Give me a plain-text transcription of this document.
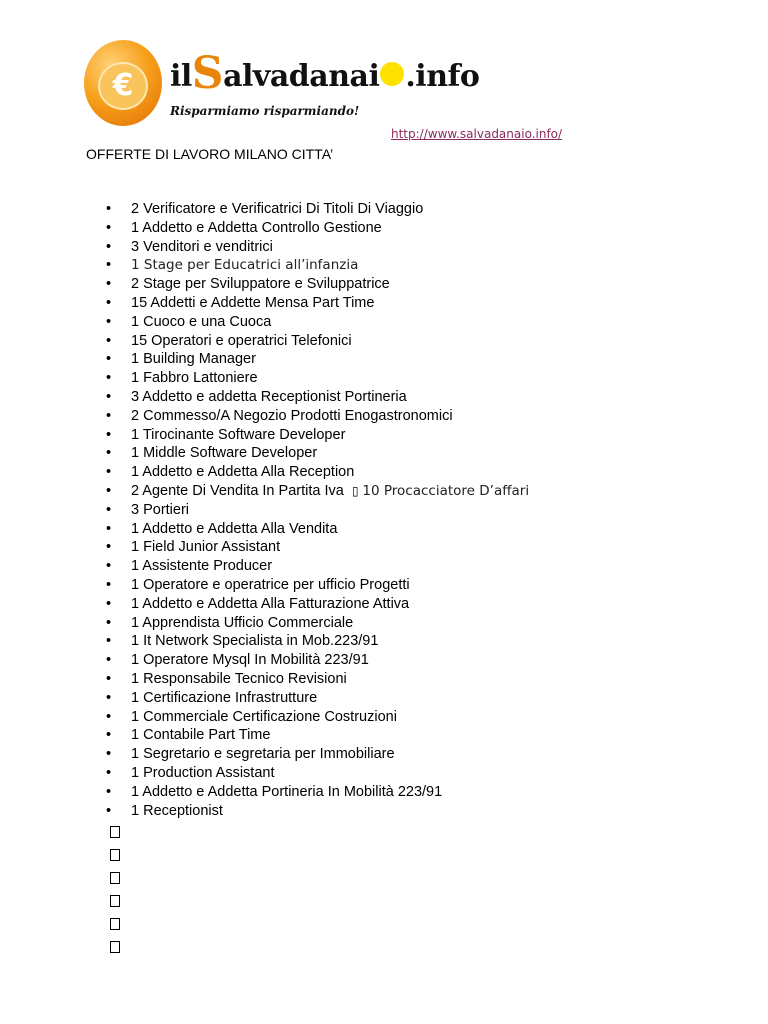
€	ilSalvadanai .info
Risparmiamo risparmiando!
http://www.salvadanaio.info/
OFFERTE DI LAVORO MILANO CITTA’
• 2 Verificatore e Verificatrici Di Titoli Di Viaggio
• 1 Addetto e Addetta Controllo Gestione
• 3 Venditori e venditrici
• 1 Stage per Educatrici all’infanzia
• 2 Stage per Sviluppatore e Sviluppatrice
• 15 Addetti e Addette Mensa Part Time
• 1 Cuoco e una Cuoca
• 15 Operatori e operatrici Telefonici
• 1 Building Manager
• 1 Fabbro Lattoniere
• 3 Addetto e addetta Receptionist Portineria
• 2 Commesso/A Negozio Prodotti Enogastronomici
• 1 Tirocinante Software Developer
• 1 Middle Software Developer
• 1 Addetto e Addetta Alla Reception
• 2 Agente Di Vendita In Partita Iva ▯ 10 Procacciatore D’affari
• 3 Portieri
• 1 Addetto e Addetta Alla Vendita
• 1 Field Junior Assistant
• 1 Assistente Producer
• 1 Operatore e operatrice per ufficio Progetti
• 1 Addetto e Addetta Alla Fatturazione Attiva
• 1 Apprendista Ufficio Commerciale
• 1 It Network Specialista in Mob.223/91
• 1 Operatore Mysql In Mobilità 223/91
• 1 Responsabile Tecnico Revisioni
• 1 Certificazione Infrastrutture
• 1 Commerciale Certificazione Costruzioni
• 1 Contabile Part Time
• 1 Segretario e segretaria per Immobiliare
• 1 Production Assistant
• 1 Addetto e Addetta Portineria In Mobilità 223/91
• 1 Receptionist
